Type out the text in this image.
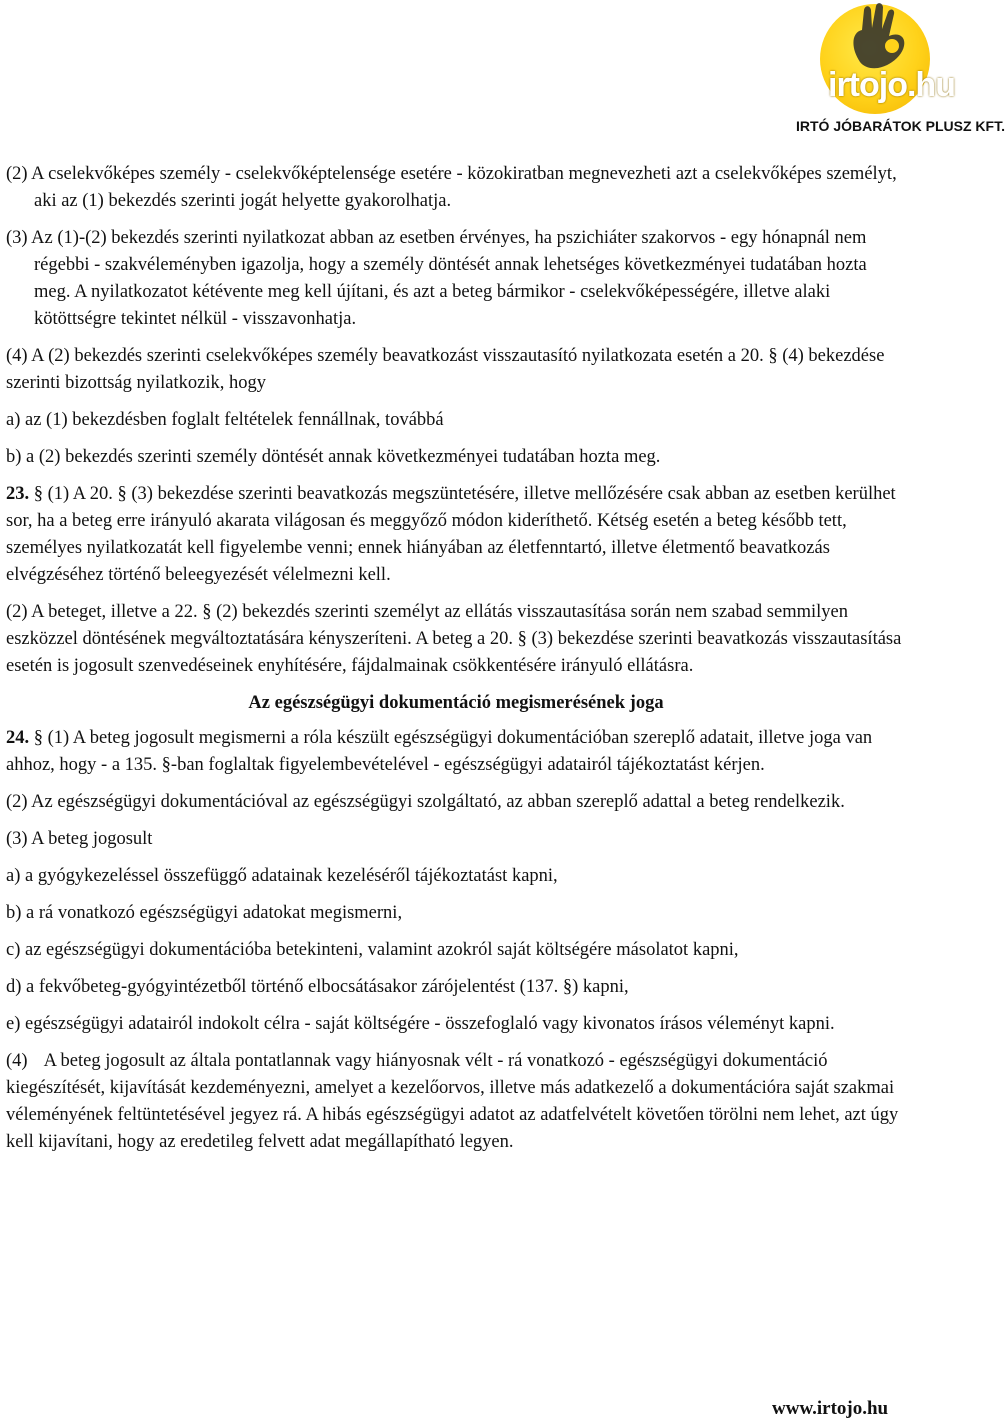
irtojo.hu
IRTÓ JÓBARÁTOK PLUSZ KFT.

(2) A cselekvőképes személy - cselekvőképtelensége esetére - közokiratban megnevezheti azt a cselekvőképes személyt, aki az (1) bekezdés szerinti jogát helyette gyakorolhatja.

(3) Az (1)-(2) bekezdés szerinti nyilatkozat abban az esetben érvényes, ha pszichiáter szakorvos - egy hónapnál nem régebbi - szakvéleményben igazolja, hogy a személy döntését annak lehetséges következményei tudatában hozta meg. A nyilatkozatot kétévente meg kell újítani, és azt a beteg bármikor - cselekvőképességére, illetve alaki kötöttségre tekintet nélkül - visszavonhatja.

(4) A (2) bekezdés szerinti cselekvőképes személy beavatkozást visszautasító nyilatkozata esetén a 20. § (4) bekezdése szerinti bizottság nyilatkozik, hogy

a) az (1) bekezdésben foglalt feltételek fennállnak, továbbá

b) a (2) bekezdés szerinti személy döntését annak következményei tudatában hozta meg.

23. § (1) A 20. § (3) bekezdése szerinti beavatkozás megszüntetésére, illetve mellőzésére csak abban az esetben kerülhet sor, ha a beteg erre irányuló akarata világosan és meggyőző módon kideríthető. Kétség esetén a beteg később tett, személyes nyilatkozatát kell figyelembe venni; ennek hiányában az életfenntartó, illetve életmentő beavatkozás elvégzéséhez történő beleegyezését vélelmezni kell.

(2) A beteget, illetve a 22. § (2) bekezdés szerinti személyt az ellátás visszautasítása során nem szabad semmilyen eszközzel döntésének megváltoztatására kényszeríteni. A beteg a 20. § (3) bekezdése szerinti beavatkozás visszautasítása esetén is jogosult szenvedéseinek enyhítésére, fájdalmainak csökkentésére irányuló ellátásra.

Az egészségügyi dokumentáció megismerésének joga

24. § (1) A beteg jogosult megismerni a róla készült egészségügyi dokumentációban szereplő adatait, illetve joga van ahhoz, hogy - a 135. §-ban foglaltak figyelembevételével - egészségügyi adatairól tájékoztatást kérjen.

(2) Az egészségügyi dokumentációval az egészségügyi szolgáltató, az abban szereplő adattal a beteg rendelkezik.

(3) A beteg jogosult

a) a gyógykezeléssel összefüggő adatainak kezeléséről tájékoztatást kapni,

b) a rá vonatkozó egészségügyi adatokat megismerni,

c) az egészségügyi dokumentációba betekinteni, valamint azokról saját költségére másolatot kapni,

d) a fekvőbeteg-gyógyintézetből történő elbocsátásakor zárójelentést (137. §) kapni,

e) egészségügyi adatairól indokolt célra - saját költségére - összefoglaló vagy kivonatos írásos véleményt kapni.

(4) A beteg jogosult az általa pontatlannak vagy hiányosnak vélt - rá vonatkozó - egészségügyi dokumentáció kiegészítését, kijavítását kezdeményezni, amelyet a kezelőorvos, illetve más adatkezelő a dokumentációra saját szakmai véleményének feltüntetésével jegyez rá. A hibás egészségügyi adatot az adatfelvételt követően törölni nem lehet, azt úgy kell kijavítani, hogy az eredetileg felvett adat megállapítható legyen.

www.irtojo.hu
